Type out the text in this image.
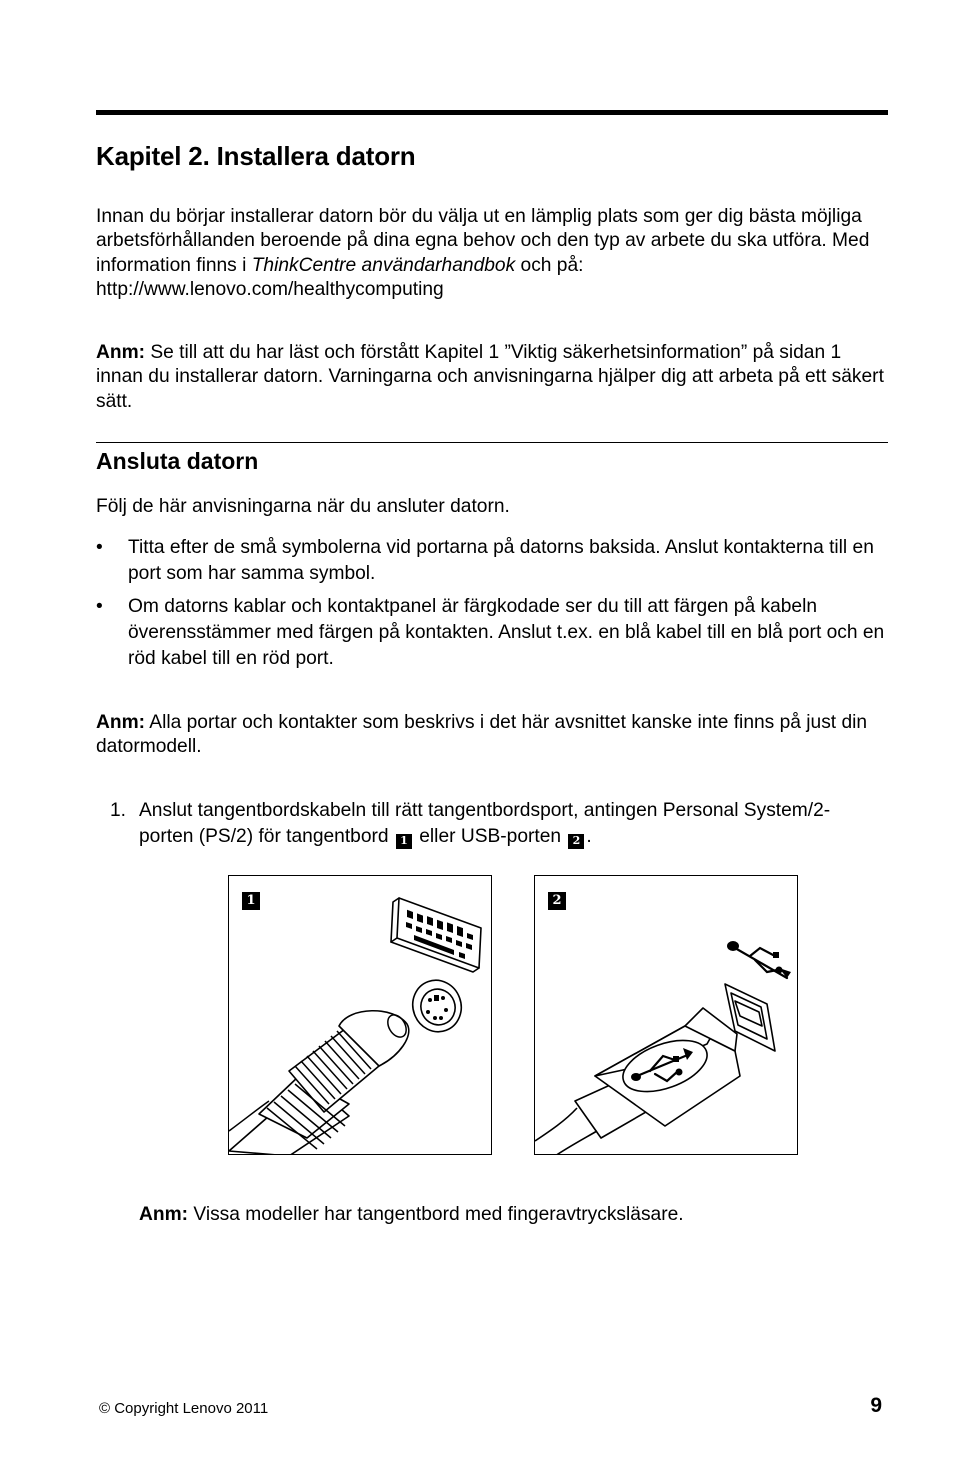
Kapitel 2. Installera datorn

Innan du börjar installerar datorn bör du välja ut en lämplig plats som ger dig bästa möjliga arbetsförhållanden beroende på dina egna behov och den typ av arbete du ska utföra. Med information finns i ThinkCentre användarhandbok och på: http://www.lenovo.com/healthycomputing

Anm: Se till att du har läst och förstått Kapitel 1 ”Viktig säkerhetsinformation” på sidan 1 innan du installerar datorn. Varningarna och anvisningarna hjälper dig att arbeta på ett säkert sätt.

Ansluta datorn

Följ de här anvisningarna när du ansluter datorn.

• Titta efter de små symbolerna vid portarna på datorns baksida. Anslut kontakterna till en port som har samma symbol.
• Om datorns kablar och kontaktpanel är färgkodade ser du till att färgen på kabeln överensstämmer med färgen på kontakten. Anslut t.ex. en blå kabel till en blå port och en röd kabel till en röd port.

Anm: Alla portar och kontakter som beskrivs i det här avsnittet kanske inte finns på just din datormodell.

1. Anslut tangentbordskabeln till rätt tangentbordsport, antingen Personal System/2-porten (PS/2) för tangentbord 1 eller USB-porten 2 .
1	2

Anm: Vissa modeller har tangentbord med fingeravtrycksläsare.

© Copyright Lenovo 2011	9
